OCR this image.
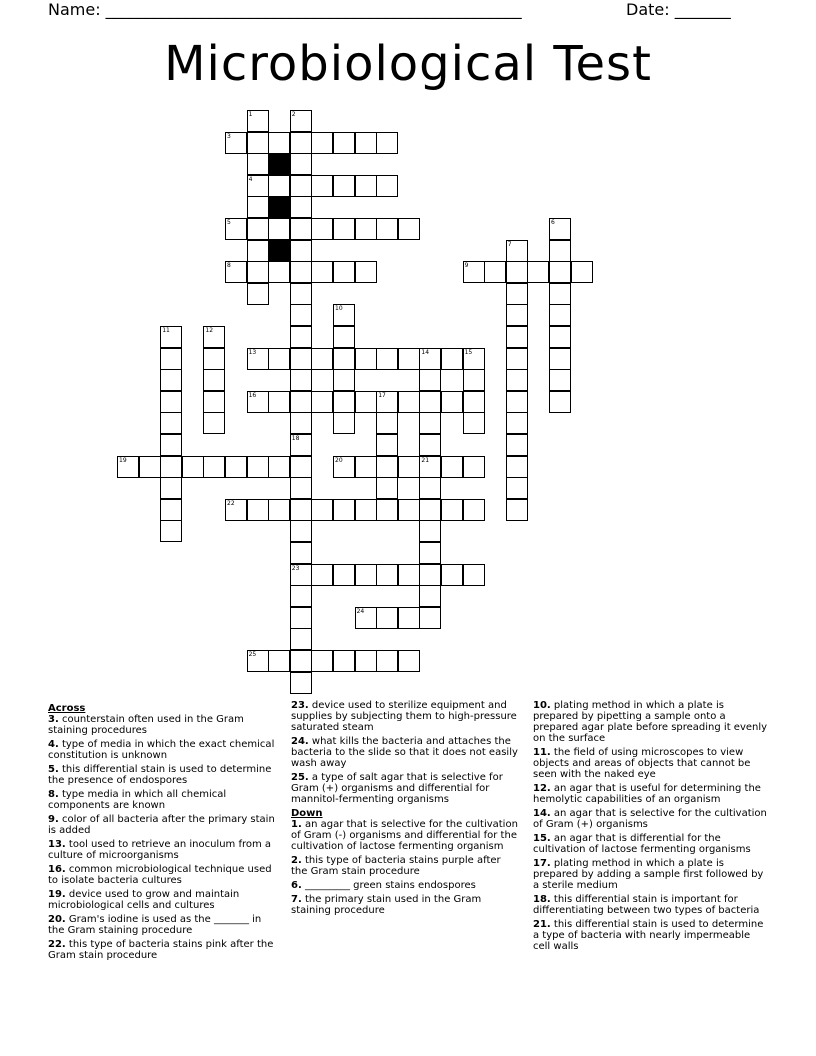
Name: ____________________________________________________	Date: _______
Microbiological Test
3
4
5
8	9
13	14	15
16	17
19	20	21
22
23
24
25
1	2
18
6
7
10
11	12
Across
3. counterstain often used in the Gram staining procedures
4. type of media in which the exact chemical constitution is unknown
5. this differential stain is used to determine the presence of endospores
8. type media in which all chemical components are known
9. color of all bacteria after the primary stain is added
13. tool used to retrieve an inoculum from a culture of microorganisms
16. common microbiological technique used to isolate bacteria cultures
19. device used to grow and maintain microbiological cells and cultures
20. Gram's iodine is used as the _______ in the Gram staining procedure
22. this type of bacteria stains pink after the Gram stain procedure
23. device used to sterilize equipment and supplies by subjecting them to high-pressure saturated steam
24. what kills the bacteria and attaches the bacteria to the slide so that it does not easily wash away
25. a type of salt agar that is selective for Gram (+) organisms and differential for mannitol-fermenting organisms
Down
1. an agar that is selective for the cultivation of Gram (-) organisms and differential for the cultivation of lactose fermenting organism
2. this type of bacteria stains purple after the Gram stain procedure
6. _________ green stains endospores
7. the primary stain used in the Gram staining procedure
10. plating method in which a plate is prepared by pipetting a sample onto a prepared agar plate before spreading it evenly on the surface
11. the field of using microscopes to view objects and areas of objects that cannot be seen with the naked eye
12. an agar that is useful for determining the hemolytic capabilities of an organism
14. an agar that is selective for the cultivation of Gram (+) organisms
15. an agar that is differential for the cultivation of lactose fermenting organisms
17. plating method in which a plate is prepared by adding a sample first followed by a sterile medium
18. this differential stain is important for differentiating between two types of bacteria
21. this differential stain is used to determine a type of bacteria with nearly impermeable cell walls
